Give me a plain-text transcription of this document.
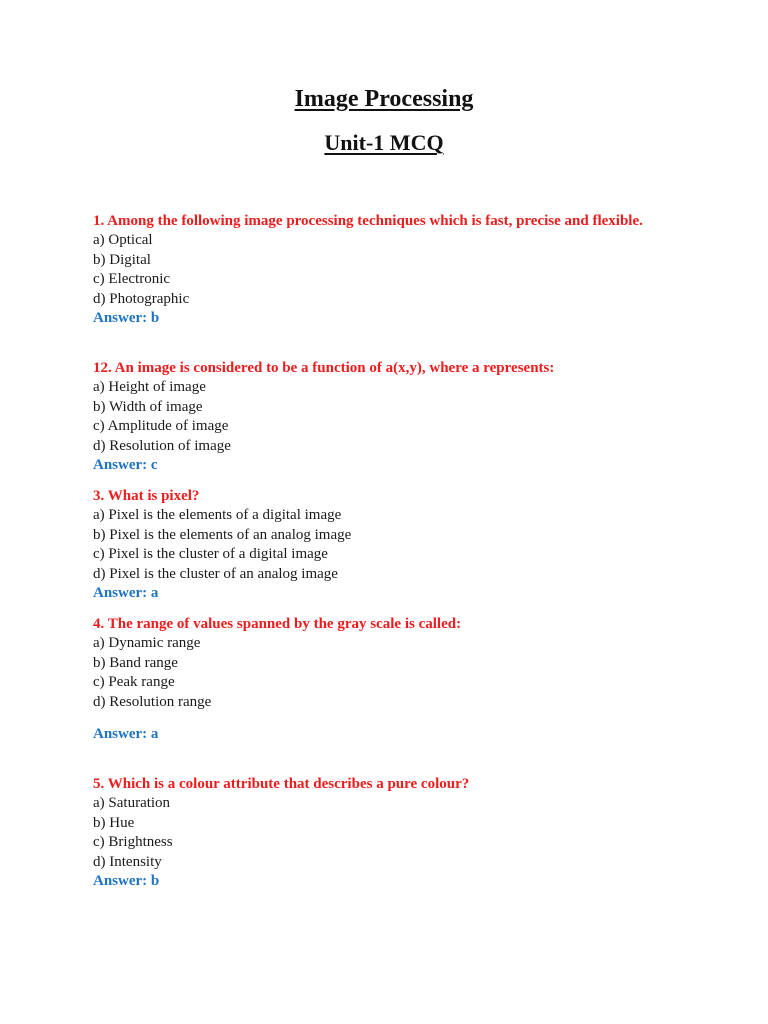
Image Processing
Unit-1 MCQ
1. Among the following image processing techniques which is fast, precise and flexible.
a) Optical
b) Digital
c) Electronic
d) Photographic
Answer: b
12. An image is considered to be a function of a(x,y), where a represents:
a) Height of image
b) Width of image
c) Amplitude of image
d) Resolution of image
Answer: c
3. What is pixel?
a) Pixel is the elements of a digital image
b) Pixel is the elements of an analog image
c) Pixel is the cluster of a digital image
d) Pixel is the cluster of an analog image
Answer: a
4. The range of values spanned by the gray scale is called:
a) Dynamic range
b) Band range
c) Peak range
d) Resolution range
Answer: a
5. Which is a colour attribute that describes a pure colour?
a) Saturation
b) Hue
c) Brightness
d) Intensity
Answer: b
